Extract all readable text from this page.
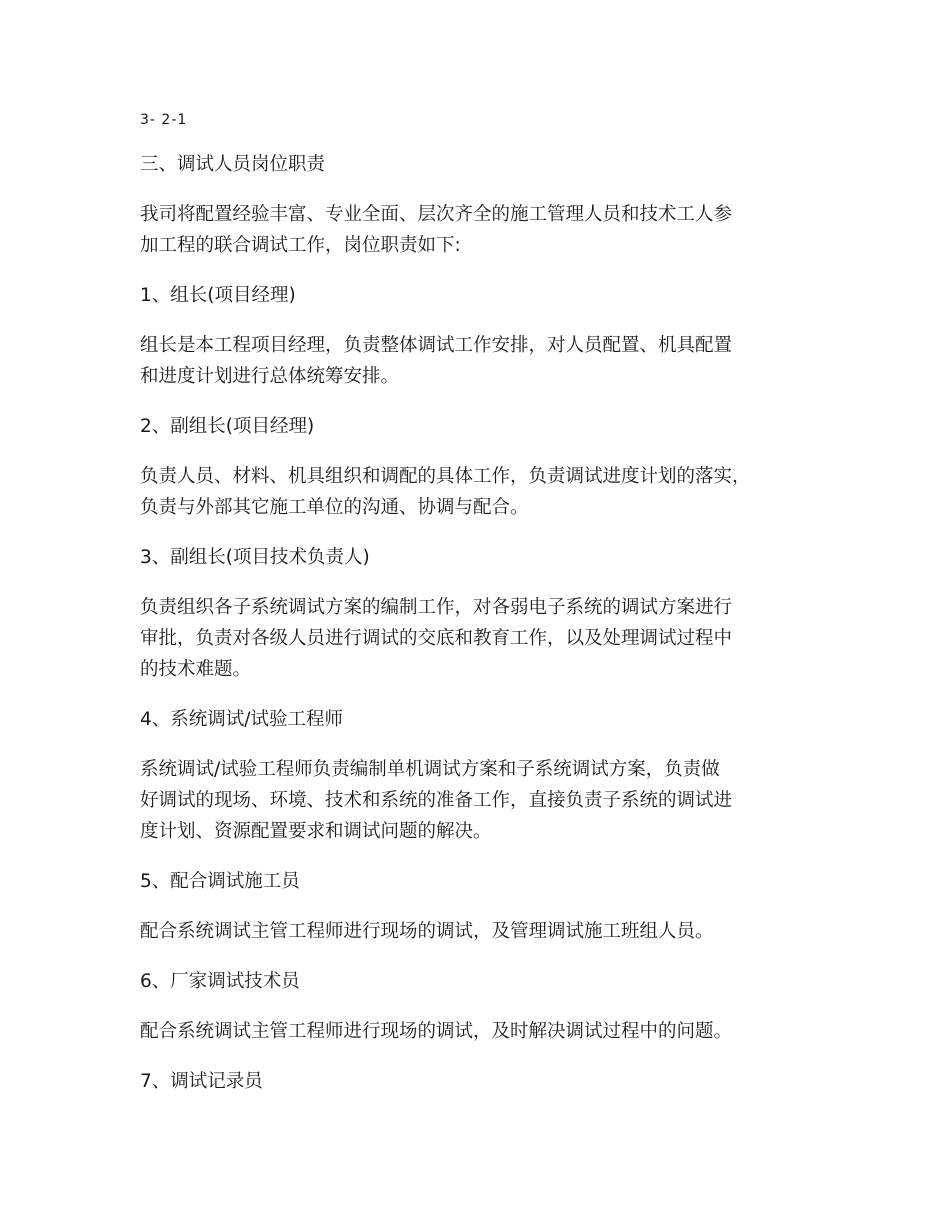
3- 2-1
三、调试人员岗位职责
我司将配置经验丰富、专业全面、层次齐全的施工管理人员和技术工人参
加工程的联合调试工作，岗位职责如下:
1、组长(项目经理)
组长是本工程项目经理，负责整体调试工作安排，对人员配置、机具配置
和进度计划进行总体统筹安排。
2、副组长(项目经理)
负责人员、材料、机具组织和调配的具体工作，负责调试进度计划的落实，
负责与外部其它施工单位的沟通、协调与配合。
3、副组长(项目技术负责人)
负责组织各子系统调试方案的编制工作，对各弱电子系统的调试方案进行
审批，负责对各级人员进行调试的交底和教育工作，以及处理调试过程中
的技术难题。
4、系统调试/试验工程师
系统调试/试验工程师负责编制单机调试方案和子系统调试方案，负责做
好调试的现场、环境、技术和系统的准备工作，直接负责子系统的调试进
度计划、资源配置要求和调试问题的解决。
5、配合调试施工员
配合系统调试主管工程师进行现场的调试，及管理调试施工班组人员。
6、厂家调试技术员
配合系统调试主管工程师进行现场的调试，及时解决调试过程中的问题。
7、调试记录员
